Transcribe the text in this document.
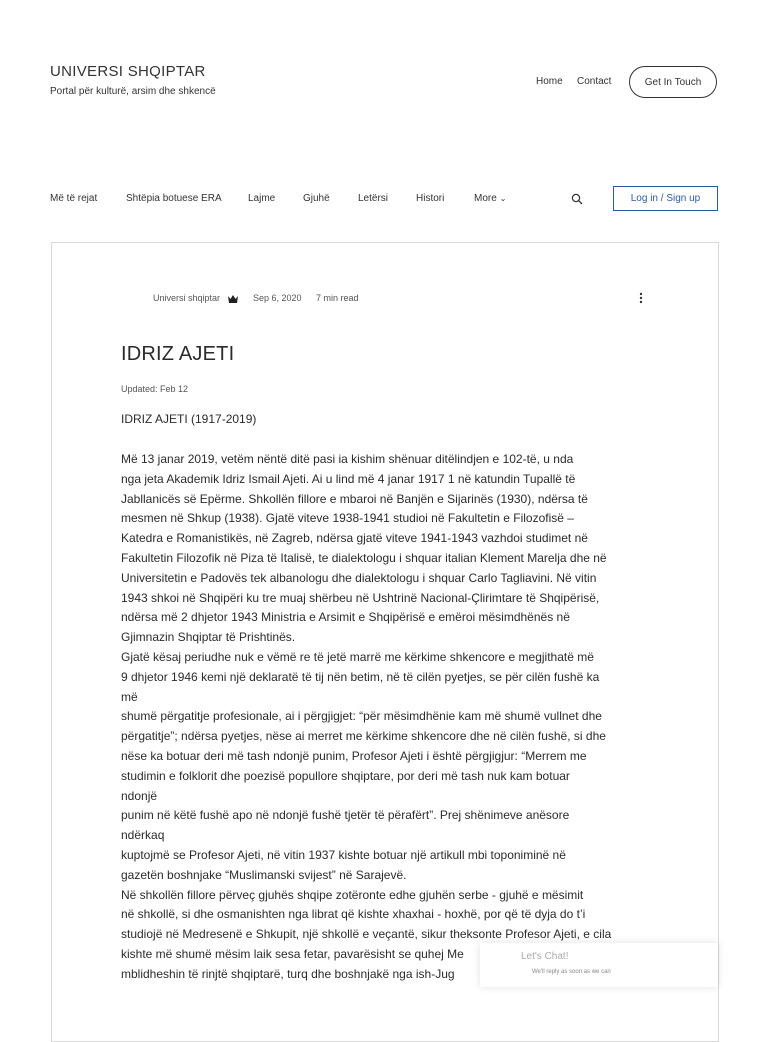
UNIVERSI SHQIPTAR
Portal për kulturë, arsim dhe shkencë
Home Contact	Get In Touch
Më të rejat	Shtëpia botuese ERA	Lajme	Gjuhë	Letërsi	Histori	More ⌄	Log in / Sign up
Universi shqiptar	Sep 6, 2020 7 min read
IDRIZ AJETI
Updated: Feb 12
IDRIZ AJETI (1917-2019)

Më 13 janar 2019, vetëm nëntë ditë pasi ia kishim shënuar ditëlindjen e 102-të, u nda

nga jeta Akademik Idriz Ismail Ajeti. Ai u lind më 4 janar 1917 1 në katundin Tupallë të

Jabllanicës së Epërme. Shkollën fillore e mbaroi në Banjën e Sijarinës (1930), ndërsa të

mesmen në Shkup (1938). Gjatë viteve 1938-1941 studioi në Fakultetin e Filozofisë –

Katedra e Romanistikës, në Zagreb, ndërsa gjatë viteve 1941-1943 vazhdoi studimet në

Fakultetin Filozofik në Piza të Italisë, te dialektologu i shquar italian Klement Marelja dhe në

Universitetin e Padovës tek albanologu dhe dialektologu i shquar Carlo Tagliavini. Në vitin

1943 shkoi në Shqipëri ku tre muaj shërbeu në Ushtrinë Nacional-Çlirimtare të Shqipërisë,

ndërsa më 2 dhjetor 1943 Ministria e Arsimit e Shqipërisë e emëroi mësimdhënës në

Gjimnazin Shqiptar të Prishtinës.

Gjatë kësaj periudhe nuk e vëmë re të jetë marrë me kërkime shkencore e megjithatë më

9 dhjetor 1946 kemi një deklaratë të tij nën betim, në të cilën pyetjes, se për cilën fushë ka

më

shumë përgatitje profesionale, ai i përgjigjet: “për mësimdhënie kam më shumë vullnet dhe

përgatitje”; ndërsa pyetjes, nëse ai merret me kërkime shkencore dhe në cilën fushë, si dhe

nëse ka botuar deri më tash ndonjë punim, Profesor Ajeti i është përgjigjur: “Merrem me

studimin e folklorit dhe poezisë popullore shqiptare, por deri më tash nuk kam botuar

ndonjë

punim në këtë fushë apo në ndonjë fushë tjetër të përafërt”. Prej shënimeve anësore

ndërkaq

kuptojmë se Profesor Ajeti, në vitin 1937 kishte botuar një artikull mbi toponiminë në

gazetën boshnjake “Muslimanski svijest” në Sarajevë.

Në shkollën fillore përveç gjuhës shqipe zotëronte edhe gjuhën serbe - gjuhë e mësimit

në shkollë, si dhe osmanishten nga librat që kishte xhaxhai - hoxhë, por që të dyja do t’i

studiojë në Medresenë e Shkupit, një shkollë e veçantë, sikur theksonte Profesor Ajeti, e cila

kishte më shumë mësim laik sesa fetar, pavarësisht se quhej Me

mblidheshin të rinjtë shqiptarë, turq dhe boshnjakë nga ish-Jug

Let's Chat!
We'll reply as soon as we can
